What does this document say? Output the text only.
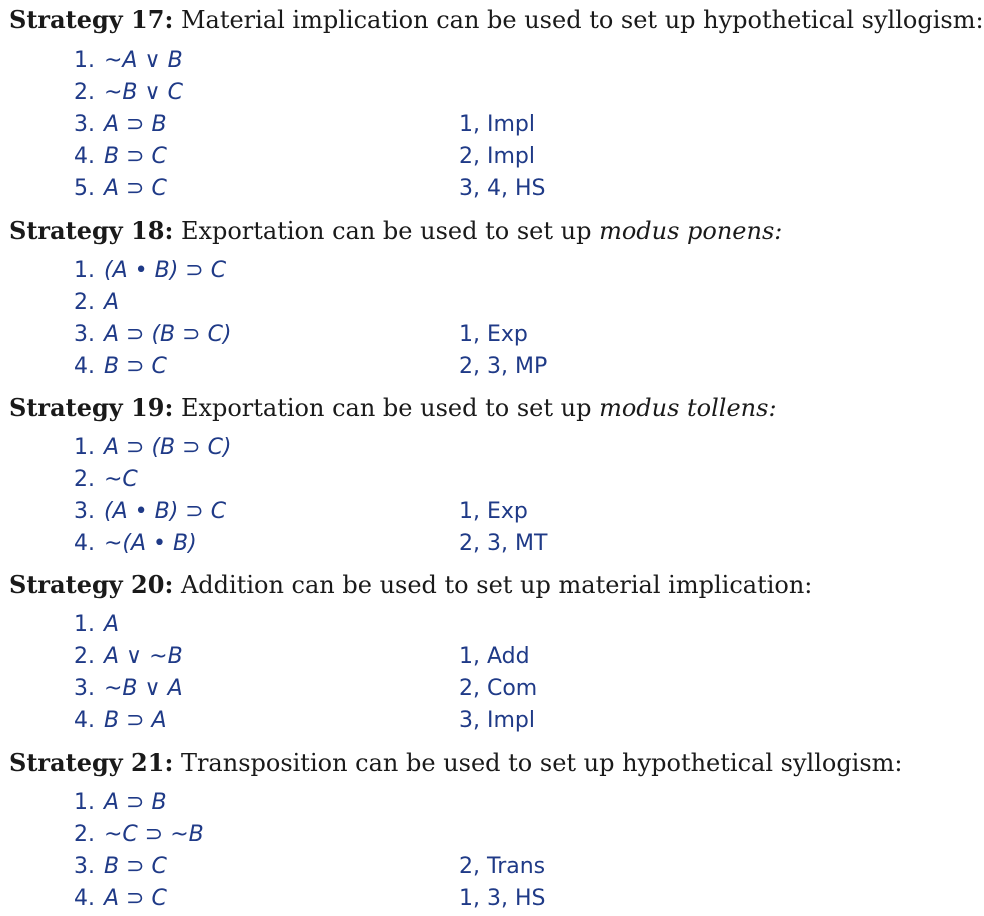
Strategy 17: Material implication can be used to set up hypothetical syllogism:
1. ~A ∨ B
2. ~B ∨ C
3. A ⊃ B	1, Impl
4. B ⊃ C	2, Impl
5. A ⊃ C	3, 4, HS
Strategy 18: Exportation can be used to set up modus ponens:
1. (A • B) ⊃ C
2. A
3. A ⊃ (B ⊃ C)	1, Exp
4. B ⊃ C	2, 3, MP
Strategy 19: Exportation can be used to set up modus tollens:
1. A ⊃ (B ⊃ C)
2. ~C
3. (A • B) ⊃ C	1, Exp
4. ~(A • B)	2, 3, MT
Strategy 20: Addition can be used to set up material implication:
1. A
2. A ∨ ~B	1, Add
3. ~B ∨ A	2, Com
4. B ⊃ A	3, Impl
Strategy 21: Transposition can be used to set up hypothetical syllogism:
1. A ⊃ B
2. ~C ⊃ ~B
3. B ⊃ C	2, Trans
4. A ⊃ C	1, 3, HS
